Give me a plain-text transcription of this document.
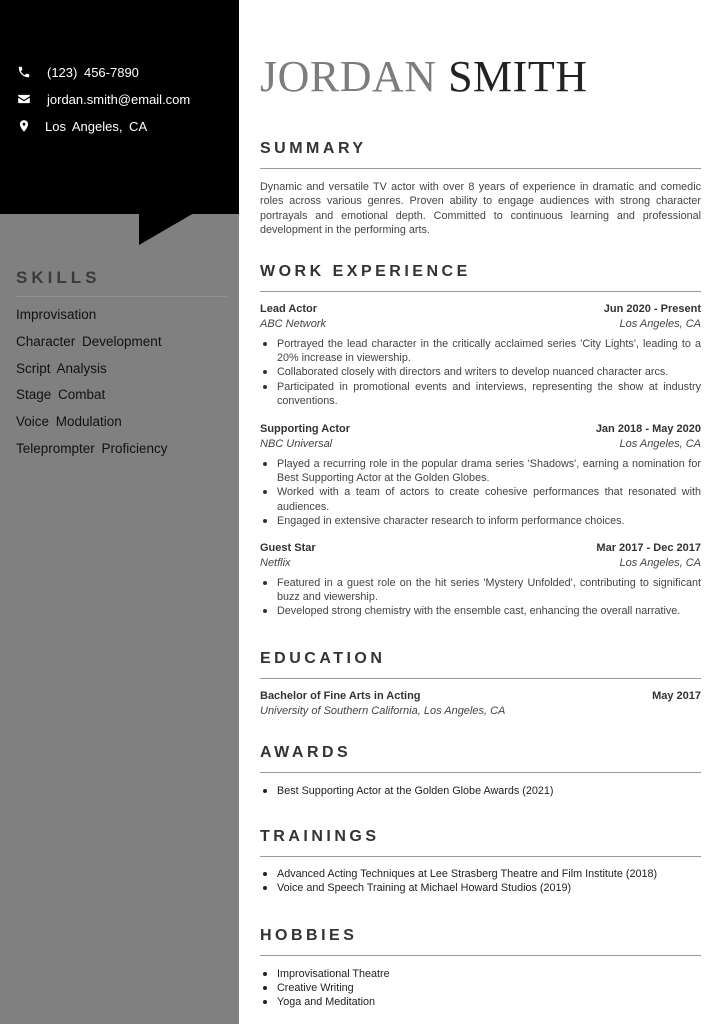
(123) 456-7890
jordan.smith@email.com
Los Angeles, CA
SKILLS
Improvisation
Character Development
Script Analysis
Stage Combat
Voice Modulation
Teleprompter Proficiency
JORDAN SMITH
SUMMARY

Dynamic and versatile TV actor with over 8 years of experience in dramatic and comedic roles across various genres. Proven ability to engage audiences with strong character portrayals and emotional depth. Committed to continuous learning and professional development in the performing arts.

WORK EXPERIENCE
Lead Actor	Jun 2020 - Present
ABC Network	Los Angeles, CA
Portrayed the lead character in the critically acclaimed series 'City Lights', leading to a 20% increase in viewership.
Collaborated closely with directors and writers to develop nuanced character arcs.
Participated in promotional events and interviews, representing the show at industry conventions.
Supporting Actor	Jan 2018 - May 2020
NBC Universal	Los Angeles, CA
Played a recurring role in the popular drama series 'Shadows', earning a nomination for Best Supporting Actor at the Golden Globes.
Worked with a team of actors to create cohesive performances that resonated with audiences.
Engaged in extensive character research to inform performance choices.
Guest Star	Mar 2017 - Dec 2017
Netflix	Los Angeles, CA
Featured in a guest role on the hit series 'Mystery Unfolded', contributing to significant buzz and viewership.
Developed strong chemistry with the ensemble cast, enhancing the overall narrative.
EDUCATION
Bachelor of Fine Arts in Acting	May 2017
University of Southern California, Los Angeles, CA
AWARDS
Best Supporting Actor at the Golden Globe Awards (2021)
TRAININGS
Advanced Acting Techniques at Lee Strasberg Theatre and Film Institute (2018)
Voice and Speech Training at Michael Howard Studios (2019)
HOBBIES
Improvisational Theatre
Creative Writing
Yoga and Meditation
